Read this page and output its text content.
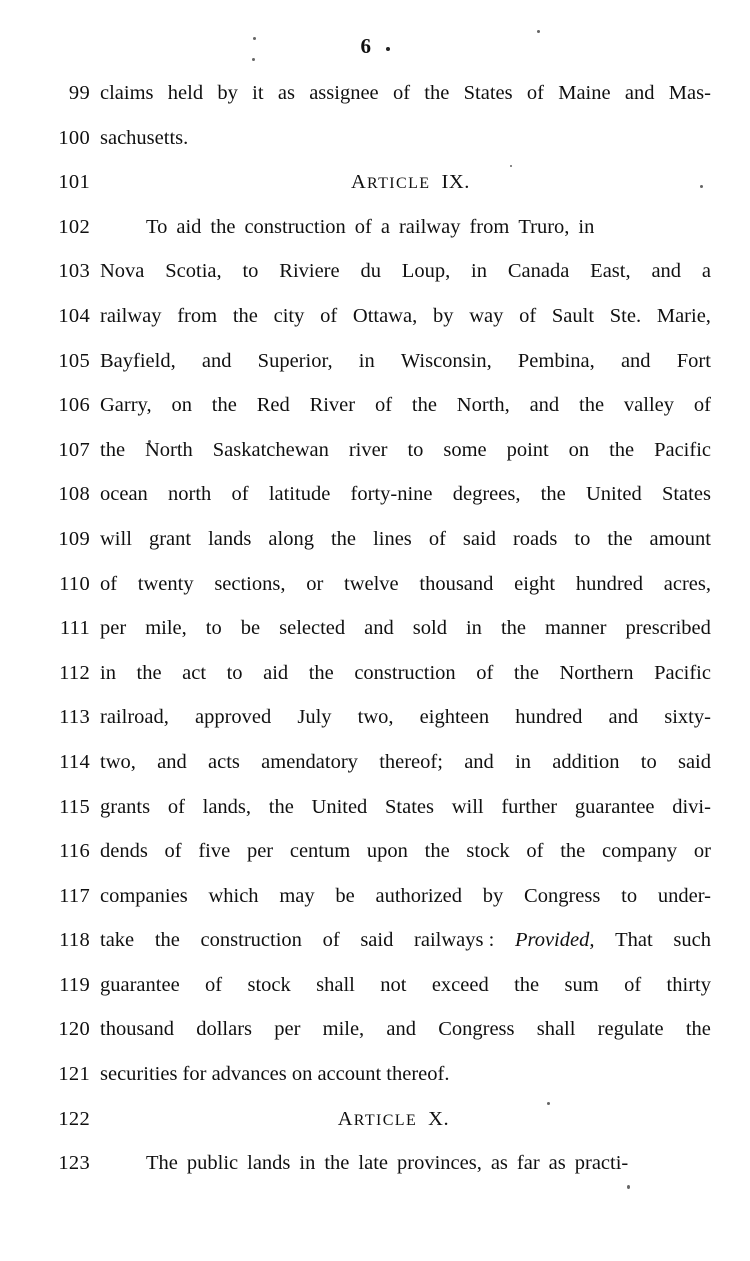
6
99 claims held by it as assignee of the States of Maine and Mas-
100 sachusetts.
101	ARTICLE IX.
102	To aid the construction of a railway from Truro, in
103 Nova Scotia, to Riviere du Loup, in Canada East, and a
104 railway from the city of Ottawa, by way of Sault Ste. Marie,
105 Bayfield, and Superior, in Wisconsin, Pembina, and Fort
106 Garry, on the Red River of the North, and the valley of
107 the North Saskatchewan river to some point on the Pacific
108 ocean north of latitude forty-nine degrees, the United States
109 will grant lands along the lines of said roads to the amount
110 of twenty sections, or twelve thousand eight hundred acres,
111 per mile, to be selected and sold in the manner prescribed
112 in the act to aid the construction of the Northern Pacific
113 railroad, approved July two, eighteen hundred and sixty-
114 two, and acts amendatory thereof; and in addition to said
115 grants of lands, the United States will further guarantee divi-
116 dends of five per centum upon the stock of the company or
117 companies which may be authorized by Congress to under-
118 take the construction of said railways : Provided, That such
119 guarantee of stock shall not exceed the sum of thirty
120 thousand dollars per mile, and Congress shall regulate the
121 securities for advances on account thereof.
122	ARTICLE X.
123	The public lands in the late provinces, as far as practi-
